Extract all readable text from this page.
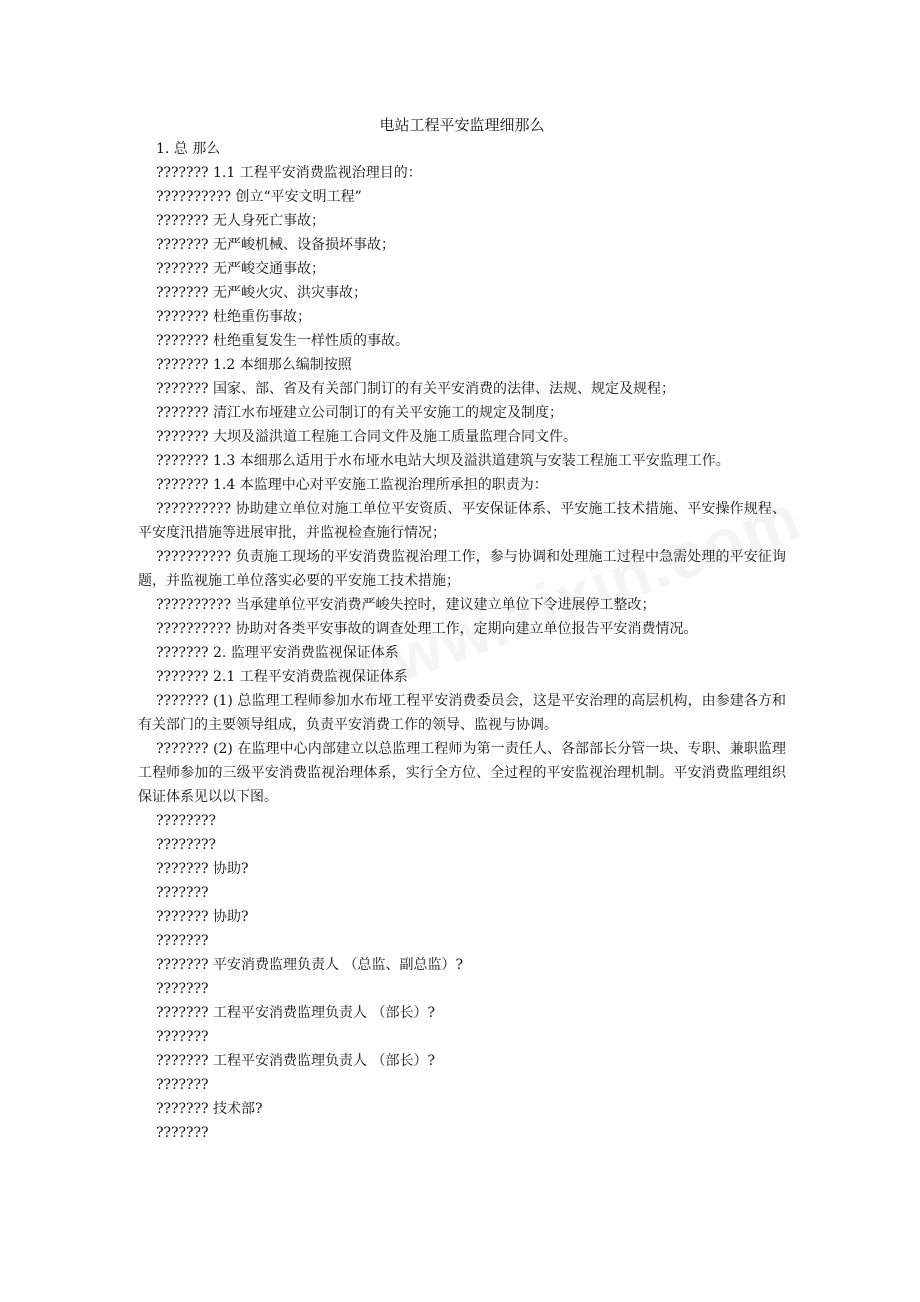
电站工程平安监理细那么

1. 总 那么

??????? 1.1 工程平安消费监视治理目的：

?????????? 创立“平安文明工程”

??????? 无人身死亡事故；

??????? 无严峻机械、设备损坏事故；

??????? 无严峻交通事故；

??????? 无严峻火灾、洪灾事故；

??????? 杜绝重伤事故；

??????? 杜绝重复发生一样性质的事故。

??????? 1.2 本细那么编制按照

??????? 国家、部、省及有关部门制订的有关平安消费的法律、法规、规定及规程；

??????? 清江水布垭建立公司制订的有关平安施工的规定及制度；

??????? 大坝及溢洪道工程施工合同文件及施工质量监理合同文件。

??????? 1.3 本细那么适用于水布垭水电站大坝及溢洪道建筑与安装工程施工平安监理工作。

??????? 1.4 本监理中心对平安施工监视治理所承担的职责为：

?????????? 协助建立单位对施工单位平安资质、平安保证体系、平安施工技术措施、平安操作规程、平安度汛措施等进展审批，并监视检查施行情况；

?????????? 负责施工现场的平安消费监视治理工作，参与协调和处理施工过程中急需处理的平安征询题，并监视施工单位落实必要的平安施工技术措施；

?????????? 当承建单位平安消费严峻失控时，建议建立单位下令进展停工整改；

?????????? 协助对各类平安事故的调查处理工作，定期向建立单位报告平安消费情况。

??????? 2. 监理平安消费监视保证体系

??????? 2.1 工程平安消费监视保证体系

??????? (1) 总监理工程师参加水布垭工程平安消费委员会，这是平安治理的高层机构，由参建各方和有关部门的主要领导组成，负责平安消费工作的领导、监视与协调。

??????? (2) 在监理中心内部建立以总监理工程师为第一责任人、各部部长分管一块、专职、兼职监理工程师参加的三级平安消费监视治理体系，实行全方位、全过程的平安监视治理机制。平安消费监理组织保证体系见以以下图。

????????

????????

??????? 协助?

???????

??????? 协助?

???????

??????? 平安消费监理负责人 （总监、副总监）?

???????

??????? 工程平安消费监理负责人 （部长）?

???????

??????? 工程平安消费监理负责人 （部长）?

???????

??????? 技术部?

???????
